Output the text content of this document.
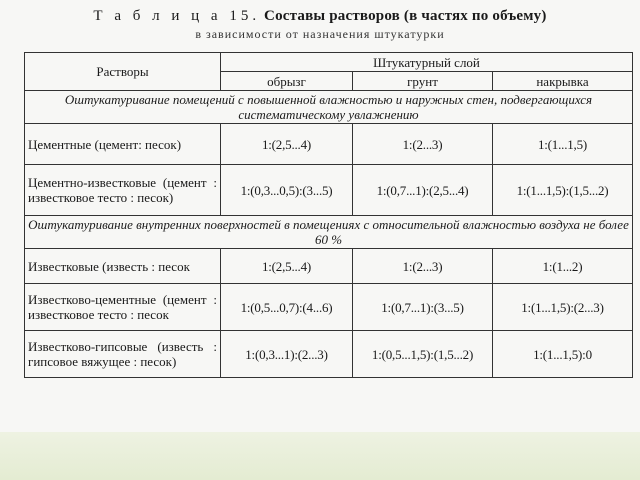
Т а б л и ц а 15. Составы растворов (в частях по объему)
в зависимости от назначения штукатурки
Растворы	Штукатурный слой		
	обрызг	грунт	накрывка
Оштукатуривание помещений с повышенной влажностью и наружных стен, подвергающихся систематическому увлажнению			
Цементные (цемент: песок)	1:(2,5...4)	1:(2...3)	1:(1...1,5)
Цементно-известковые (цемент : известковое тесто : песок)	1:(0,3...0,5):(3...5)	1:(0,7...1):(2,5...4)	1:(1...1,5):(1,5...2)
Оштукатуривание внутренних поверхностей в помещениях с относительной влажностью воздуха не более 60 %			
Известковые (известь : песок	1:(2,5...4)	1:(2...3)	1:(1...2)
Известково-цементные (цемент : известковое тесто : песок	1:(0,5...0,7):(4...6)	1:(0,7...1):(3...5)	1:(1...1,5):(2...3)
Известково-гипсовые (известь : гипсовое вяжущее : песок)	1:(0,3...1):(2...3)	1:(0,5...1,5):(1,5...2)	1:(1...1,5):0
